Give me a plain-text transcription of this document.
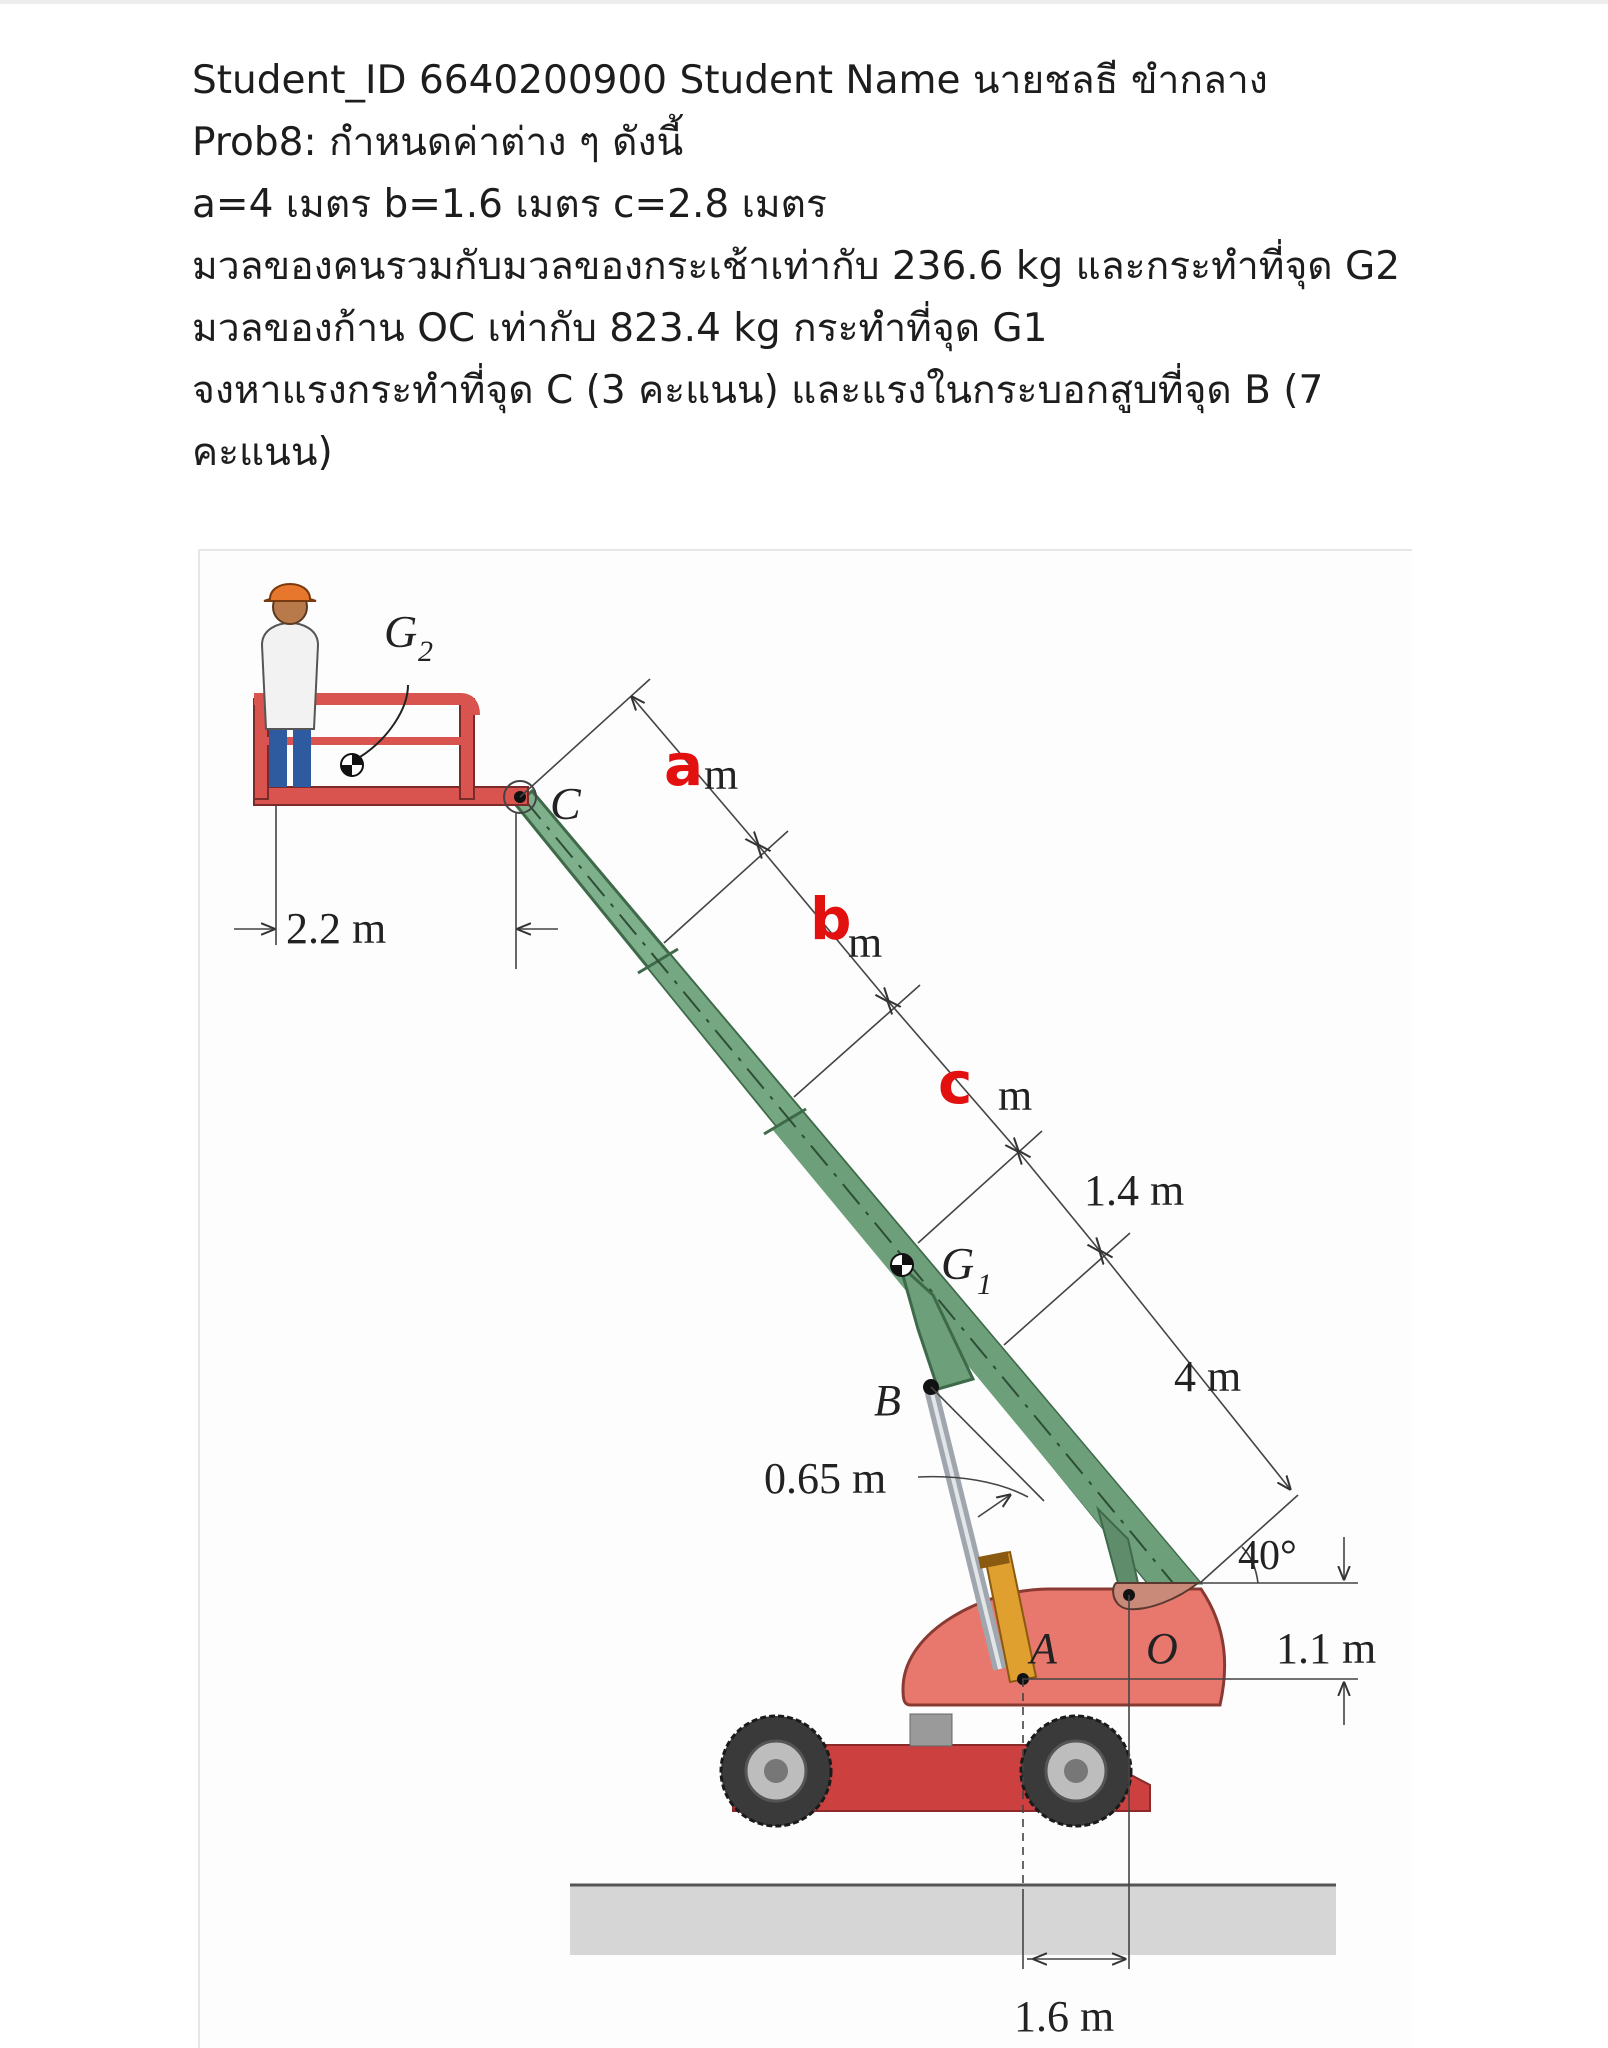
Student_ID 6640200900 Student Name นายชลธี ขำกลาง
Prob8: กำหนดค่าต่าง ๆ ดังนี้
a=4 เมตร b=1.6 เมตร c=2.8 เมตร
มวลของคนรวมกับมวลของกระเช้าเท่ากับ 236.6 kg และกระทำที่จุด G2
มวลของก้าน OC เท่ากับ 823.4 kg กระทำที่จุด G1
จงหาแรงกระทำที่จุด C (3 คะแนน) และแรงในกระบอกสูบที่จุด B (7
คะแนน)
G 2
G 1
C
B
A O
a m
b
m
c m
1.4 m
4 m
2.2 m
0.65 m
40°
1.1 m
1.6 m
